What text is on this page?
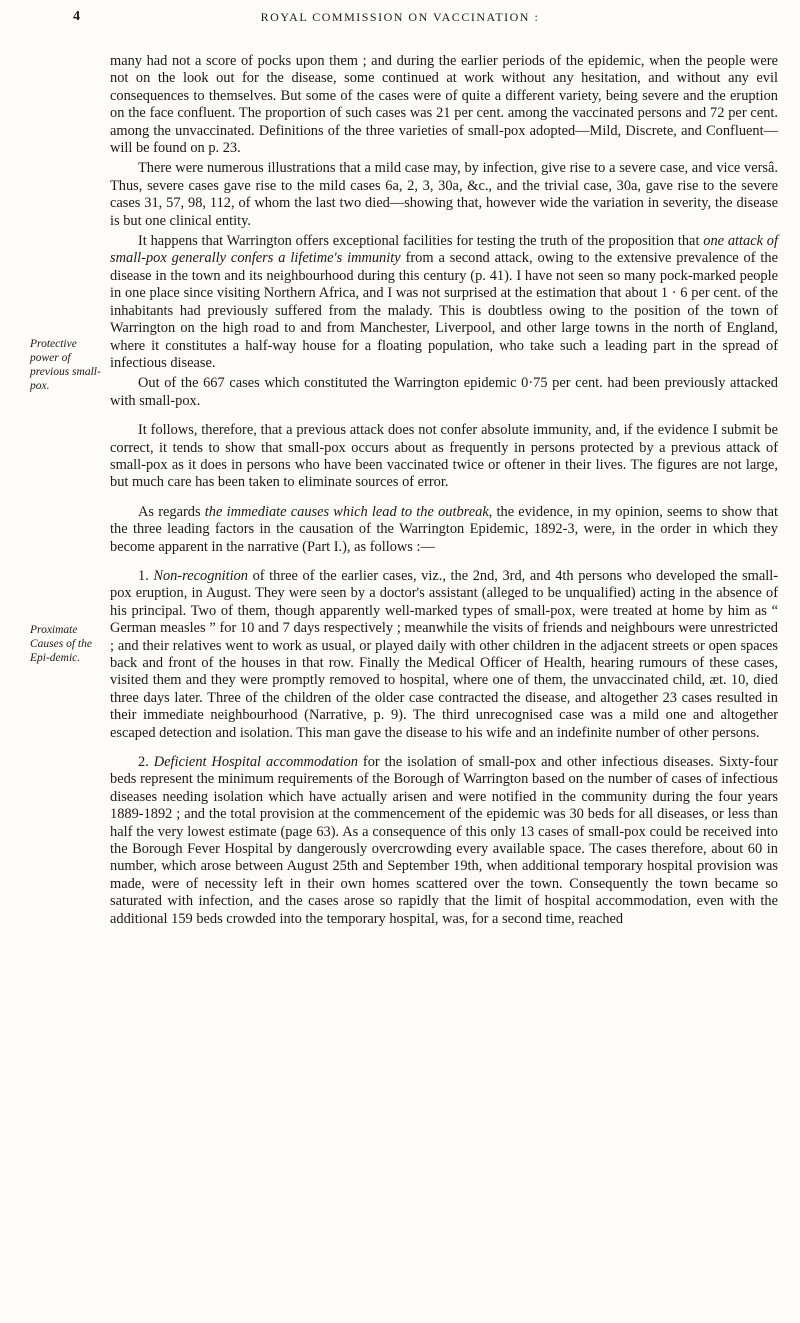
4	ROYAL COMMISSION ON VACCINATION :
Protective power of previous small-pox.
Proximate Causes of the Epi-demic.

many had not a score of pocks upon them ; and during the earlier periods of the epidemic, when the people were not on the look out for the disease, some continued at work without any hesitation, and without any evil consequences to themselves. But some of the cases were of quite a different variety, being severe and the eruption on the face confluent. The proportion of such cases was 21 per cent. among the vaccinated persons and 72 per cent. among the unvaccinated. Definitions of the three varieties of small-pox adopted—Mild, Discrete, and Confluent—will be found on p. 23.

There were numerous illustrations that a mild case may, by infection, give rise to a severe case, and vice versâ. Thus, severe cases gave rise to the mild cases 6a, 2, 3, 30a, &c., and the trivial case, 30a, gave rise to the severe cases 31, 57, 98, 112, of whom the last two died—showing that, however wide the variation in severity, the disease is but one clinical entity.

It happens that Warrington offers exceptional facilities for testing the truth of the proposition that one attack of small-pox generally confers a lifetime's immunity from a second attack, owing to the extensive prevalence of the disease in the town and its neighbourhood during this century (p. 41). I have not seen so many pock-marked people in one place since visiting Northern Africa, and I was not surprised at the estimation that about 1 · 6 per cent. of the inhabitants had previously suffered from the malady. This is doubtless owing to the position of the town of Warrington on the high road to and from Manchester, Liverpool, and other large towns in the north of England, where it constitutes a half-way house for a floating population, who take such a leading part in the spread of infectious disease.

Out of the 667 cases which constituted the Warrington epidemic 0·75 per cent. had been previously attacked with small-pox.

It follows, therefore, that a previous attack does not confer absolute immunity, and, if the evidence I submit be correct, it tends to show that small-pox occurs about as frequently in persons protected by a previous attack of small-pox as it does in persons who have been vaccinated twice or oftener in their lives. The figures are not large, but much care has been taken to eliminate sources of error.

As regards the immediate causes which lead to the outbreak, the evidence, in my opinion, seems to show that the three leading factors in the causation of the Warrington Epidemic, 1892-3, were, in the order in which they become apparent in the narrative (Part I.), as follows :—

1. Non-recognition of three of the earlier cases, viz., the 2nd, 3rd, and 4th persons who developed the small-pox eruption, in August. They were seen by a doctor's assistant (alleged to be unqualified) acting in the absence of his principal. Two of them, though apparently well-marked types of small-pox, were treated at home by him as “ German measles ” for 10 and 7 days respectively ; meanwhile the visits of friends and neighbours were unrestricted ; and their relatives went to work as usual, or played daily with other children in the adjacent streets or open spaces back and front of the houses in that row. Finally the Medical Officer of Health, hearing rumours of these cases, visited them and they were promptly removed to hospital, where one of them, the unvaccinated child, æt. 10, died three days later. Three of the children of the older case contracted the disease, and altogether 23 cases resulted in their immediate neighbourhood (Narrative, p. 9). The third unrecognised case was a mild one and altogether escaped detection and isolation. This man gave the disease to his wife and an indefinite number of other persons.

2. Deficient Hospital accommodation for the isolation of small-pox and other infectious diseases. Sixty-four beds represent the minimum requirements of the Borough of Warrington based on the number of cases of infectious diseases needing isolation which have actually arisen and were notified in the community during the four years 1889-1892 ; and the total provision at the commencement of the epidemic was 30 beds for all diseases, or less than half the very lowest estimate (page 63). As a consequence of this only 13 cases of small-pox could be received into the Borough Fever Hospital by dangerously overcrowding every available space. The cases therefore, about 60 in number, which arose between August 25th and September 19th, when additional temporary hospital provision was made, were of necessity left in their own homes scattered over the town. Consequently the town became so saturated with infection, and the cases arose so rapidly that the limit of hospital accommodation, even with the additional 159 beds crowded into the temporary hospital, was, for a second time, reached
